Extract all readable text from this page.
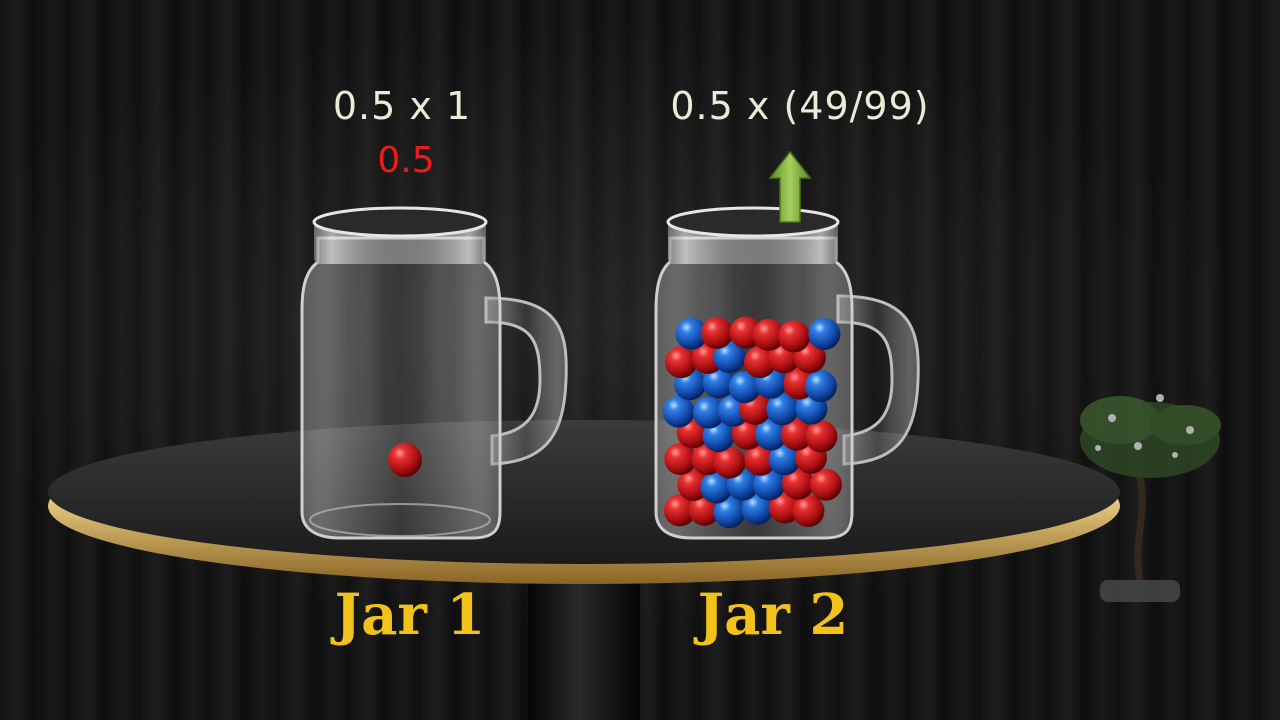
0.5 x 1
0.5
0.5 x (49/99)
Jar 1	Jar 2
